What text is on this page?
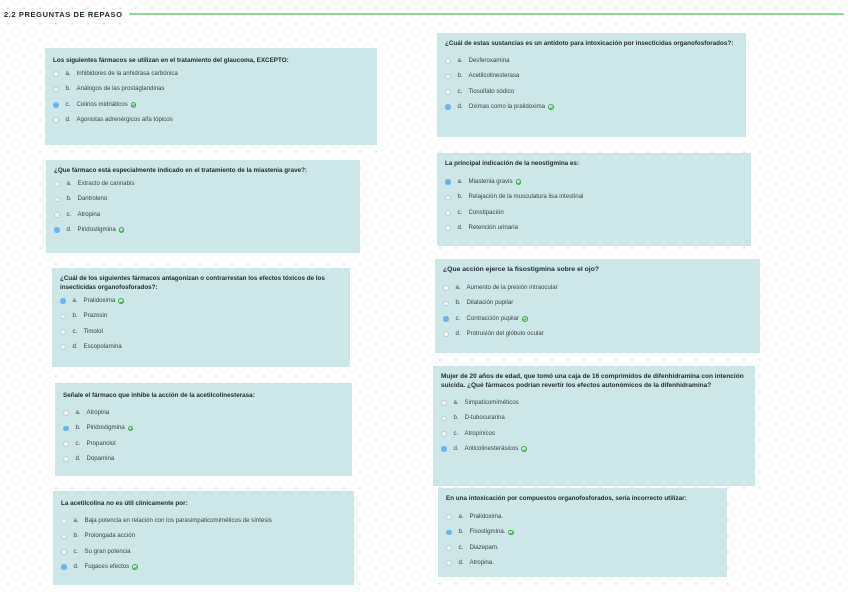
2.2 PREGUNTAS DE REPASO

Los siguientes fármacos se utilizan en el tratamiento del glaucoma, EXCEPTO:

a. Inhibidores de la anhidrasa carbónica
b. Análogos de las prostaglandinas
c.	Colirios midriáticos
d. Agonistas adrenérgicos alfa tópicos

¿Que fármaco está especialmente indicado en el tratamiento de la miastenia grave?:

a. Extracto de cannabis
b. Dantroleno
c.	Atropina
d. Piridostigmina

¿Cuál de los siguientes fármacos antagonizan o contrarrestan los efectos tóxicos de los insecticidas organofosforados?:

a. Pralidoxima
b. Prazosin
c.	Timolol
d. Escopolamina

Señale el fármaco que inhibe la acción de la acetilcolinesterasa:

a. Atropina
b. Piridostigmina
c.	Propanolol
d. Dopamina

La acetilcolina no es útil clínicamente por:

a. Baja potencia en relación con los parasimpaticomiméticos de síntesis
b. Prolongada acción
c.	Su gran potencia
d. Fugaces efectos

¿Cuál de estas sustancias es un antídoto para intoxicación por insecticidas organofosforados?:

a. Desferoxamina
b. Acetilcolinesterasa
c.	Tiosulfato sódico
d. Oximas como la pralidoxima

La principal indicación de la neostigmina es:

a. Miastenia gravis
b. Relajación de la musculatura lisa intestinal
c.	Constipación
d. Retención urinaria

¿Que acción ejerce la fisostigmina sobre el ojo?

a. Aumento de la presión intraocular
b. Dilatación pupilar
c.	Contracción pupilar
d. Protrusión del glóbulo ocular

Mujer de 20 años de edad, que tomó una caja de 16 comprimidos de difenhidramina con intención suicida. ¿Qué fármacos podrían revertir los efectos autonómicos de la difenhidramina?

a. Simpaticomiméticos
b. D-tubocurarina
c.	Atropínicos
d. Anticolinesterásicos

En una intoxicación por compuestos organofosforados, sería incorrecto utilizar:

a. Pralidoxima.
b. Fisostigmina.
c.	Diazepam.
d. Atropina.
